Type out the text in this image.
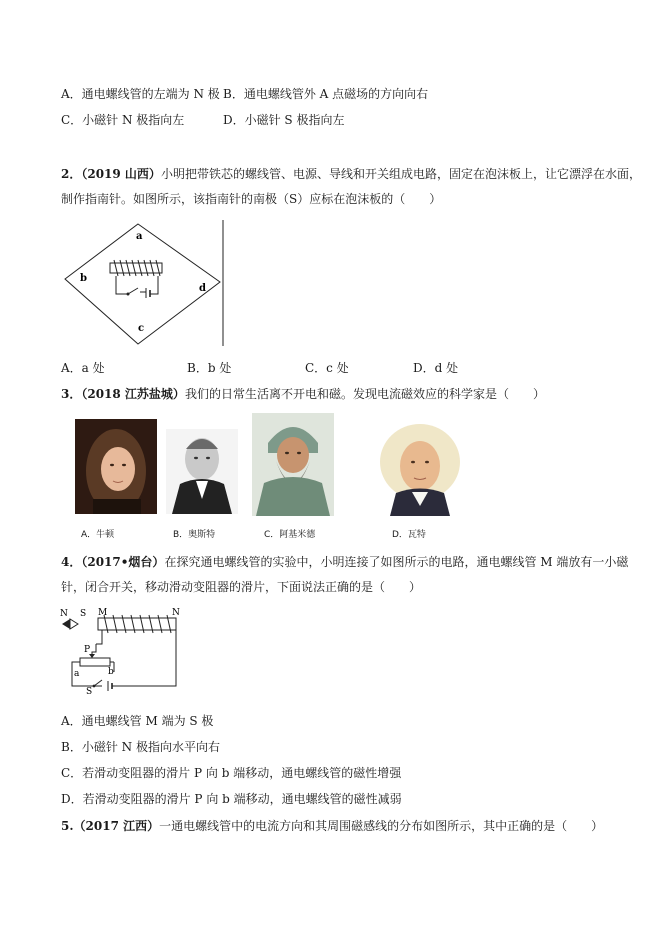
A．通电螺线管的左端为 N 极 B．通电螺线管外 A 点磁场的方向向右
C．小磁针 N 极指向左	D．小磁针 S 极指向左
2．（2019 山西）小明把带铁芯的螺线管、电源、导线和开关组成电路，固定在泡沫板上，让它漂浮在水面，
制作指南针。如图所示，该指南针的南极（S）应标在泡沫板的（　　）
a
b
c
d
A．a 处	B．b 处	C．c 处	D．d 处
3．（2018 江苏盐城）我们的日常生活离不开电和磁。发现电流磁效应的科学家是（　　）
A．牛顿	B．奥斯特	C．阿基米德	D．瓦特
4．（2017•烟台）在探究通电螺线管的实验中，小明连接了如图所示的电路，通电螺线管 M 端放有一小磁
针，闭合开关，移动滑动变阻器的滑片，下面说法正确的是（　　）
N S M	N
P
a	b
S
A．通电螺线管 M 端为 S 极
B．小磁针 N 极指向水平向右
C．若滑动变阻器的滑片 P 向 b 端移动，通电螺线管的磁性增强
D．若滑动变阻器的滑片 P 向 b 端移动，通电螺线管的磁性减弱
5.（2017 江西）一通电螺线管中的电流方向和其周围磁感线的分布如图所示，其中正确的是（　　）
